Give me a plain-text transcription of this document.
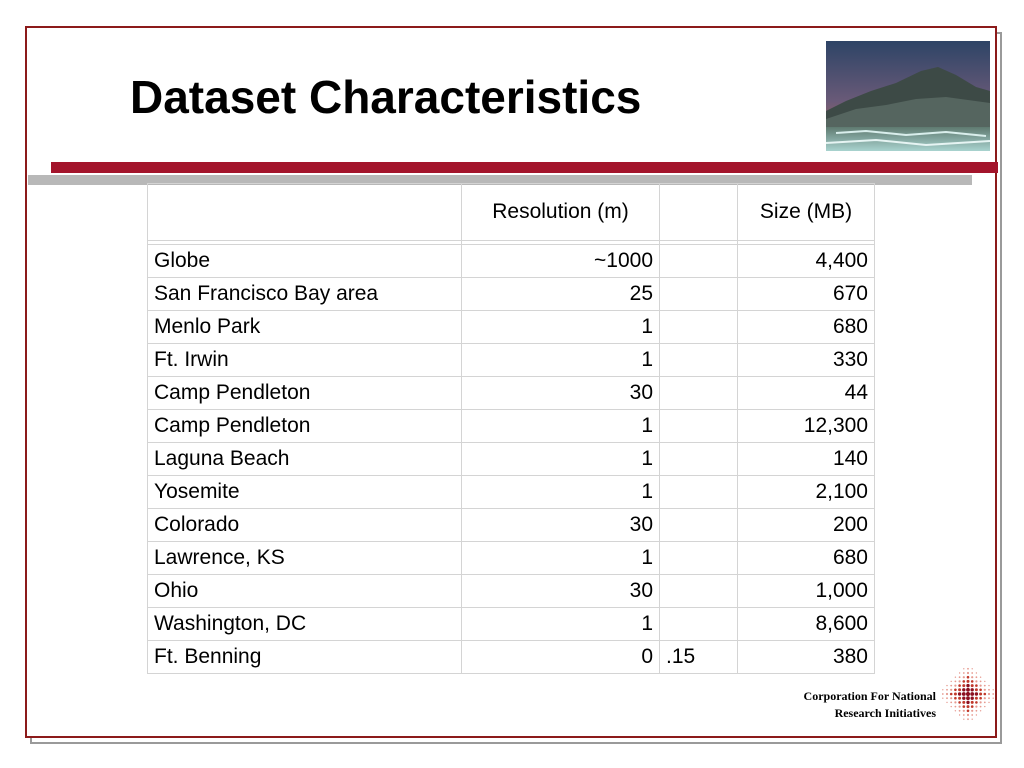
Dataset Characteristics
	Resolution (m)		Size (MB)

Globe	~1000		4,400
San Francisco Bay area	25		670
Menlo Park	1		680
Ft. Irwin	1		330
Camp Pendleton	30		44
Camp Pendleton	1		12,300
Laguna Beach	1		140
Yosemite	1		2,100
Colorado	30		200
Lawrence, KS	1		680
Ohio	30		1,000
Washington, DC	1		8,600
Ft. Benning	0	.15	380
Corporation For National
Research Initiatives
